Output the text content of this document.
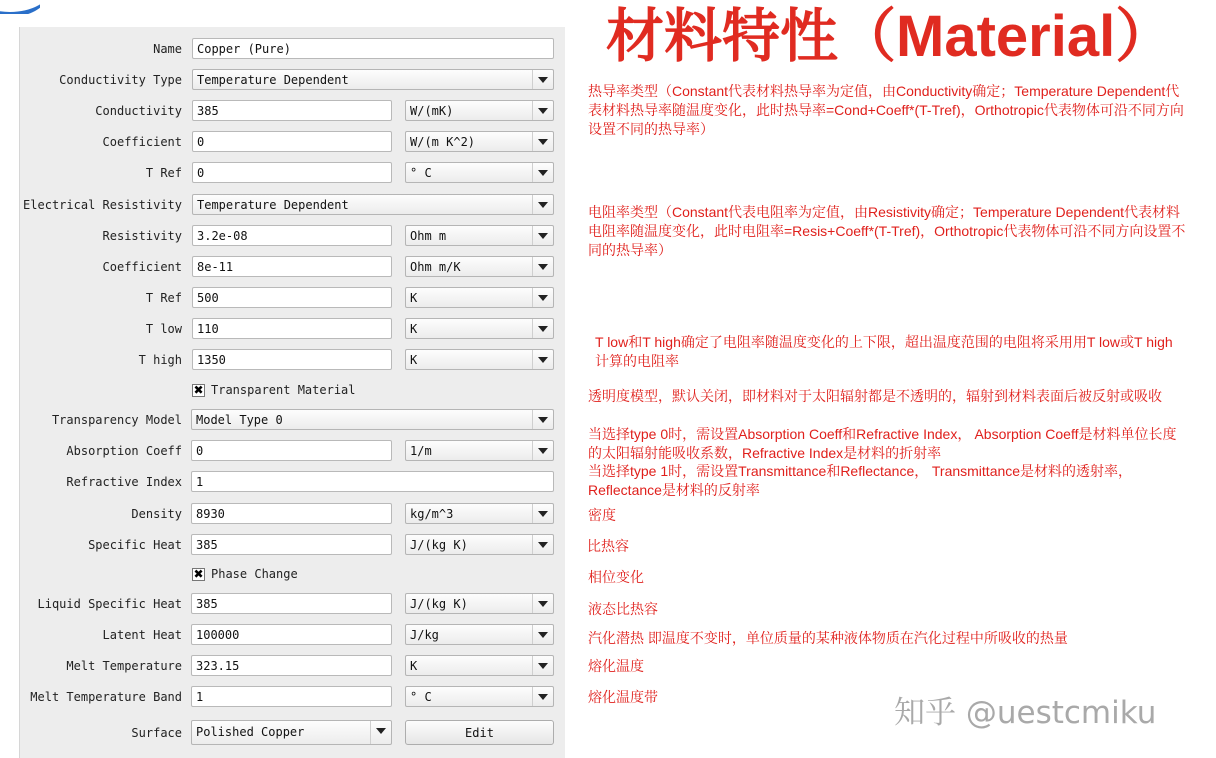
Name	Copper (Pure)
Conductivity Type	Temperature Dependent
Conductivity	385	W/(mK)
Coefficient	0	W/(m K^2)
T Ref	0	° C
Electrical Resistivity	Temperature Dependent
Resistivity	3.2e-08	Ohm m
Coefficient	8e-11	Ohm m/K
T Ref	500	K
T low	110	K
T high	1350	K
✖ Transparent Material
Transparency Model	Model Type 0
Absorption Coeff	0	1/m
Refractive Index	1
Density	8930	kg/m^3
Specific Heat	385	J/(kg K)
✖ Phase Change
Liquid Specific Heat	385	J/(kg K)
Latent Heat	100000	J/kg
Melt Temperature	323.15	K
Melt Temperature Band	1	° C
Surface	Polished Copper	Edit
材料特性（Material）
热导率类型（Constant代表材料热导率为定值，由Conductivity确定；Temperature Dependent代表材料热导率随温度变化，此时热导率=Cond+Coeff*(T-Tref)，Orthotropic代表物体可沿不同方向设置不同的热导率）
电阻率类型（Constant代表电阻率为定值，由Resistivity确定；Temperature Dependent代表材料电阻率随温度变化，此时电阻率=Resis+Coeff*(T-Tref)，Orthotropic代表物体可沿不同方向设置不同的热导率）
T low和T high确定了电阻率随温度变化的上下限，超出温度范围的电阻将采用用T low或T high计算的电阻率
透明度模型，默认关闭，即材料对于太阳辐射都是不透明的，辐射到材料表面后被反射或吸收
当选择type 0时，需设置Absorption Coeff和Refractive Index， Absorption Coeff是材料单位长度的太阳辐射能吸收系数，Refractive Index是材料的折射率
当选择type 1时，需设置Transmittance和Reflectance， Transmittance是材料的透射率，Reflectance是材料的反射率
密度
比热容
相位变化
液态比热容
汽化潜热 即温度不变时，单位质量的某种液体物质在汽化过程中所吸收的热量
熔化温度
熔化温度带	知乎 @uestcmiku
